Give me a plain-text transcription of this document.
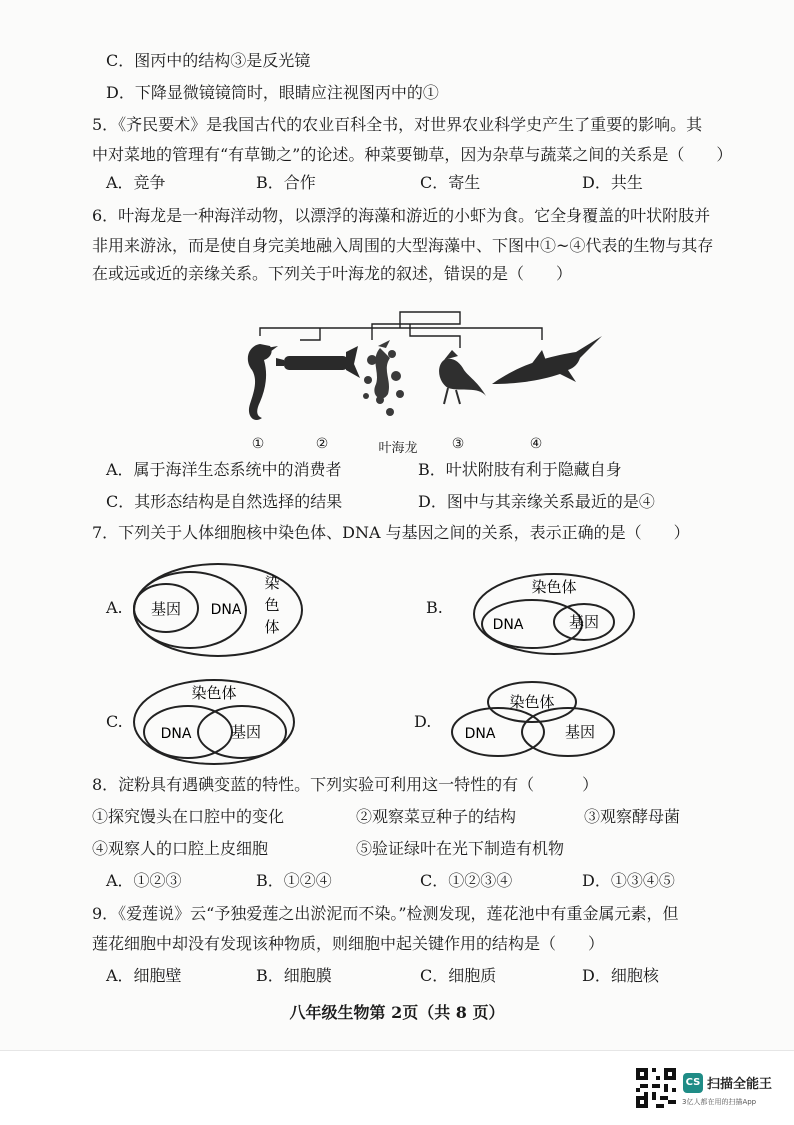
C．图丙中的结构③是反光镜
D．下降显微镜镜筒时，眼睛应注视图丙中的①
5．《齐民要术》是我国古代的农业百科全书，对世界农业科学史产生了重要的影响。其
中对菜地的管理有“有草锄之”的论述。种菜要锄草，因为杂草与蔬菜之间的关系是（　　）
A．竞争	B．合作	C．寄生	D．共生
6．叶海龙是一种海洋动物，以漂浮的海藻和游近的小虾为食。它全身覆盖的叶状附肢并
非用来游泳，而是使自身完美地融入周围的大型海藻中、下图中①~④代表的生物与其存
在或远或近的亲缘关系。下列关于叶海龙的叙述，错误的是（　　）
①	②	叶海龙 ③	④
A．属于海洋生态系统中的消费者	B．叶状附肢有利于隐藏自身
C．其形态结构是自然选择的结果	D．图中与其亲缘关系最近的是④
7．下列关于人体细胞核中染色体、DNA 与基因之间的关系，表示正确的是（　　）
A. 基因 DNA
染
色
体
B.
染色体
DNA	基因
C.
染色体
DNA	基因
D.
染色体
DNA	基因
8．淀粉具有遇碘变蓝的特性。下列实验可利用这一特性的有（　　　）
①探究馒头在口腔中的变化	②观察菜豆种子的结构	③观察酵母菌
④观察人的口腔上皮细胞	⑤验证绿叶在光下制造有机物
A．①②③	B．①②④	C．①②③④	D．①③④⑤
9．《爱莲说》云“予独爱莲之出淤泥而不染。”检测发现，莲花池中有重金属元素，但
莲花细胞中却没有发现该种物质，则细胞中起关键作用的结构是（　　）
A．细胞壁	B．细胞膜	C．细胞质	D．细胞核
八年级生物第 2页（共 8 页）
CS 扫描全能王
3亿人都在用的扫描App
